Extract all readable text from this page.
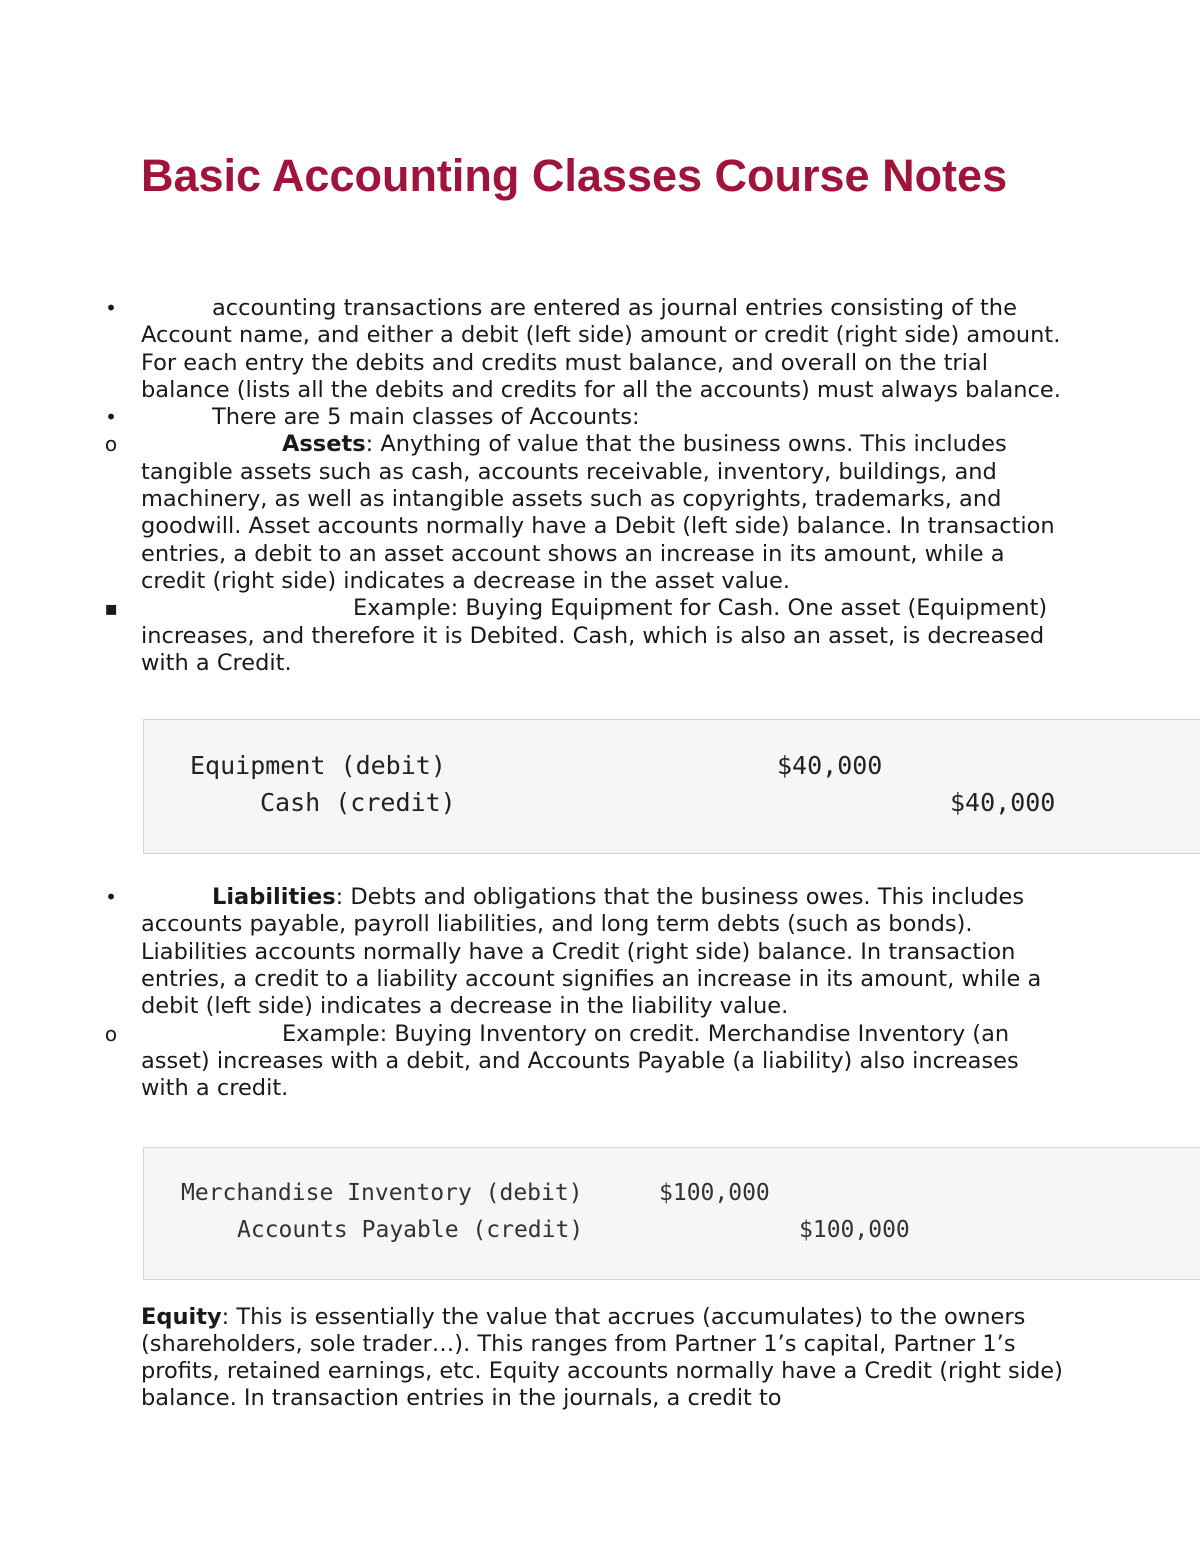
Basic Accounting Classes Course Notes

•	accounting transactions are entered as journal entries consisting of the Account name, and either a debit (left side) amount or credit (right side) amount. For each entry the debits and credits must balance, and overall on the trial balance (lists all the debits and credits for all the accounts) must always balance.

•	There are 5 main classes of Accounts:

o	Assets: Anything of value that the business owns. This includes tangible assets such as cash, accounts receivable, inventory, buildings, and machinery, as well as intangible assets such as copyrights, trademarks, and goodwill. Asset accounts normally have a Debit (left side) balance. In transaction entries, a debit to an asset account shows an increase in its amount, while a credit (right side) indicates a decrease in the asset value.

▪	Example: Buying Equipment for Cash. One asset (Equipment) increases, and therefore it is Debited. Cash, which is also an asset, is decreased with a Credit.

Equipment (debit)	$40,000
Cash (credit)	$40,000

•	Liabilities: Debts and obligations that the business owes. This includes accounts payable, payroll liabilities, and long term debts (such as bonds). Liabilities accounts normally have a Credit (right side) balance. In transaction entries, a credit to a liability account signifies an increase in its amount, while a debit (left side) indicates a decrease in the liability value.

o	Example: Buying Inventory on credit. Merchandise Inventory (an asset) increases with a debit, and Accounts Payable (a liability) also increases with a credit.

Merchandise Inventory (debit)	$100,000
Accounts Payable (credit)	$100,000

Equity: This is essentially the value that accrues (accumulates) to the owners (shareholders, sole trader…). This ranges from Partner 1’s capital, Partner 1’s profits, retained earnings, etc. Equity accounts normally have a Credit (right side) balance. In transaction entries in the journals, a credit to
